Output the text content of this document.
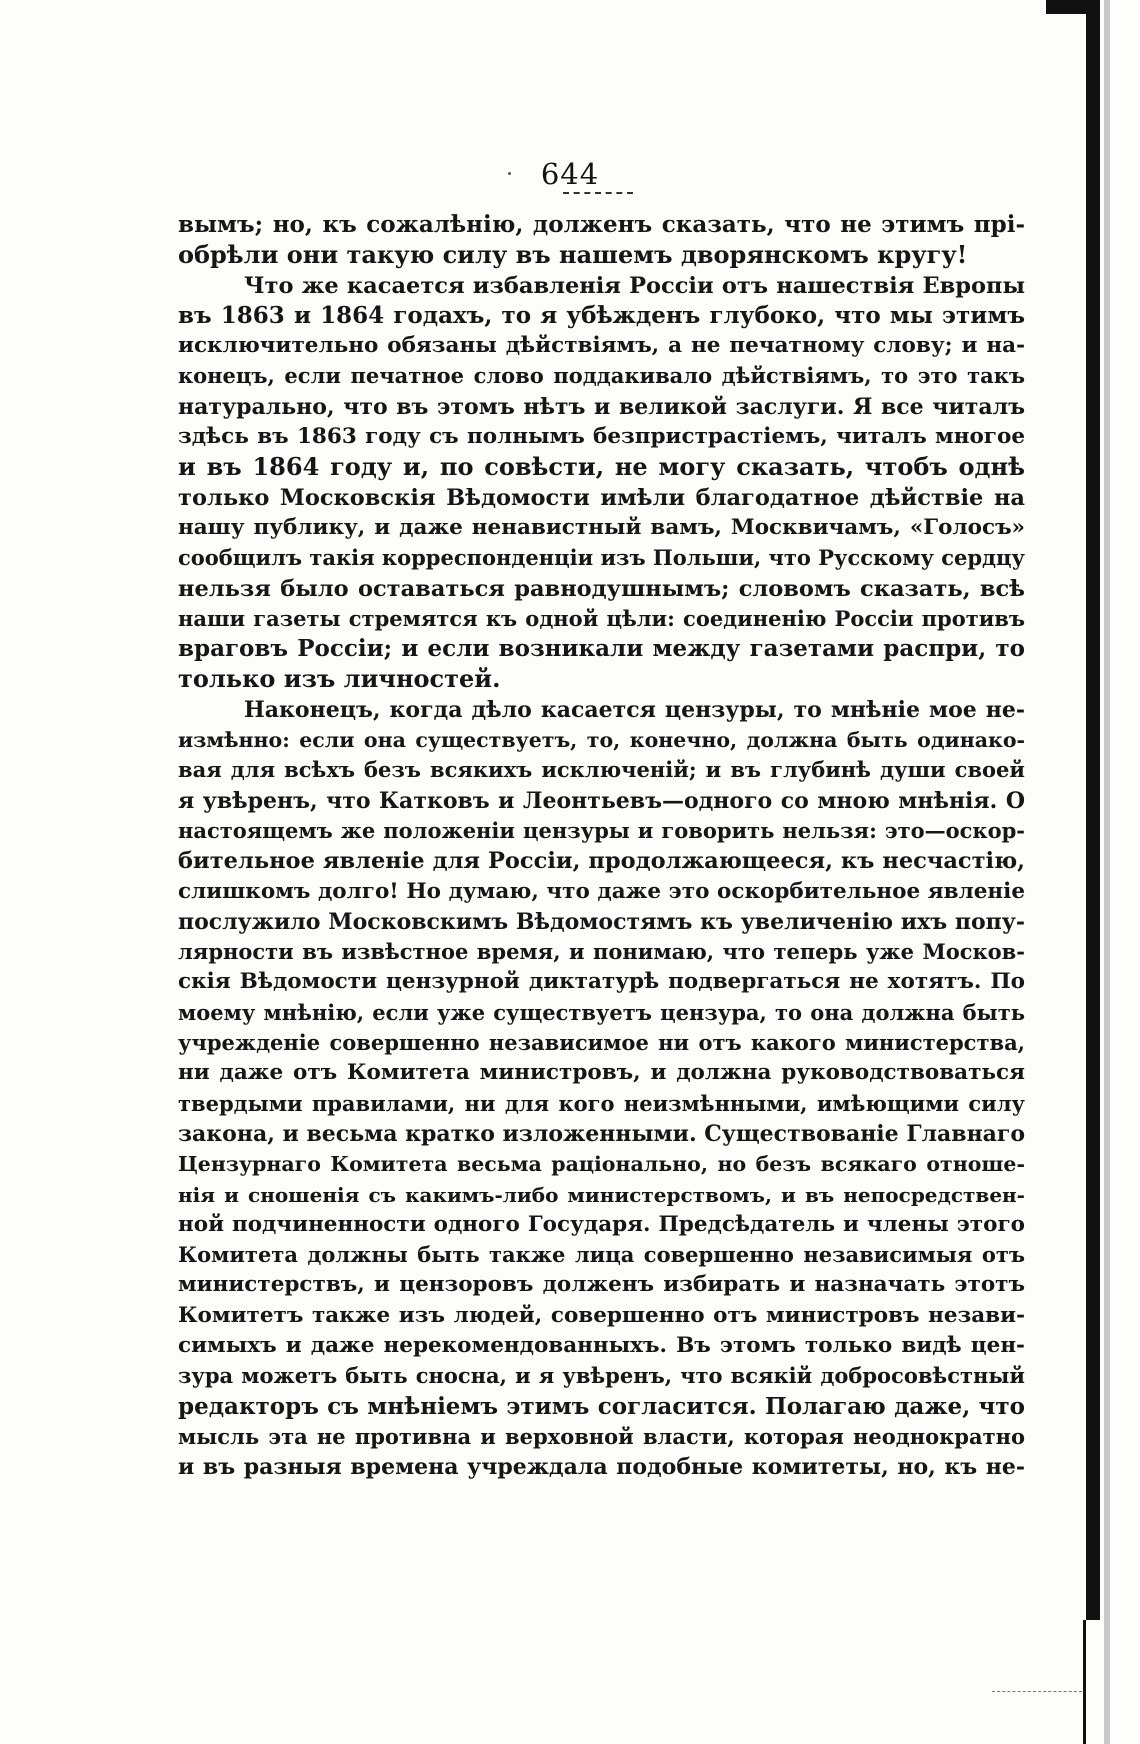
644
вымъ; но, къ сожалѣнію, долженъ сказать, что не этимъ прі-
обрѣли они такую силу въ нашемъ дворянскомъ кругу!
Что же касается избавленія Россіи отъ нашествія Европы
въ 1863 и 1864 годахъ, то я убѣжденъ глубоко, что мы этимъ
исключительно обязаны дѣйствіямъ, а не печатному слову; и на-
конецъ, если печатное слово поддакивало дѣйствіямъ, то это такъ
натурально, что въ этомъ нѣтъ и великой заслуги. Я все читалъ
здѣсь въ 1863 году съ полнымъ безпристрастіемъ, читалъ многое
и въ 1864 году и, по совѣсти, не могу сказать, чтобъ однѣ
только Московскія Вѣдомости имѣли благодатное дѣйствіе на
нашу публику, и даже ненавистный вамъ, Москвичамъ, «Голосъ»
сообщилъ такія корреспонденціи изъ Польши, что Русскому сердцу
нельзя было оставаться равнодушнымъ; словомъ сказать, всѣ
наши газеты стремятся къ одной цѣли: соединенію Россіи противъ
враговъ Россіи; и если возникали между газетами распри, то
только изъ личностей.
Наконецъ, когда дѣло касается цензуры, то мнѣніе мое не-
измѣнно: если она существуетъ, то, конечно, должна быть одинако-
вая для всѣхъ безъ всякихъ исключеній; и въ глубинѣ души своей
я увѣренъ, что Катковъ и Леонтьевъ—одного со мною мнѣнія. О
настоящемъ же положеніи цензуры и говорить нельзя: это—оскор-
бительное явленіе для Россіи, продолжающееся, къ несчастію,
слишкомъ долго! Но думаю, что даже это оскорбительное явленіе
послужило Московскимъ Вѣдомостямъ къ увеличенію ихъ попу-
лярности въ извѣстное время, и понимаю, что теперь уже Москов-
скія Вѣдомости цензурной диктатурѣ подвергаться не хотятъ. По
моему мнѣнію, если уже существуетъ цензура, то она должна быть
учрежденіе совершенно независимое ни отъ какого министерства,
ни даже отъ Комитета министровъ, и должна руководствоваться
твердыми правилами, ни для кого неизмѣнными, имѣющими силу
закона, и весьма кратко изложенными. Существованіе Главнаго
Цензурнаго Комитета весьма раціонально, но безъ всякаго отноше-
нія и сношенія съ какимъ-либо министерствомъ, и въ непосредствен-
ной подчиненности одного Государя. Предсѣдатель и члены этого
Комитета должны быть также лица совершенно независимыя отъ
министерствъ, и цензоровъ долженъ избирать и назначать этотъ
Комитетъ также изъ людей, совершенно отъ министровъ незави-
симыхъ и даже нерекомендованныхъ. Въ этомъ только видѣ цен-
зура можетъ быть сносна, и я увѣренъ, что всякій добросовѣстный
редакторъ съ мнѣніемъ этимъ согласится. Полагаю даже, что
мысль эта не противна и верховной власти, которая неоднократно
и въ разныя времена учреждала подобные комитеты, но, къ не-
